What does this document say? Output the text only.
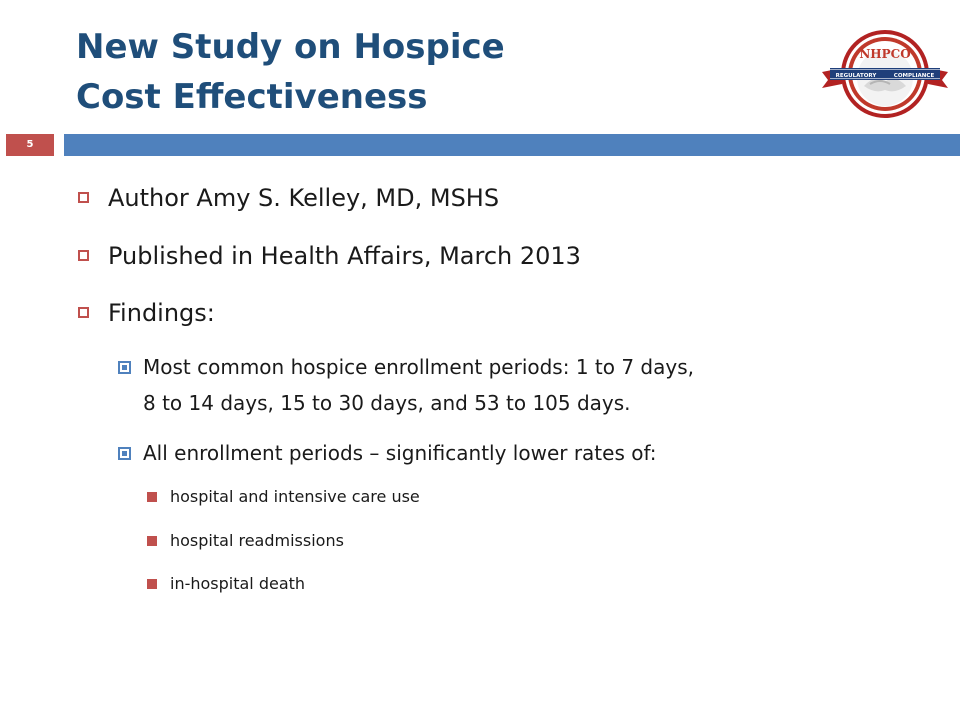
New Study on Hospice
Cost Effectiveness
NHPCO
REGULATORY	COMPLIANCE
5
Author Amy S. Kelley, MD, MSHS
Published in Health Affairs, March 2013
Findings:
Most common hospice enrollment periods: 1 to 7 days,
8 to 14 days, 15 to 30 days, and 53 to 105 days.
All enrollment periods – significantly lower rates of:
hospital and intensive care use
hospital readmissions
in-hospital death
